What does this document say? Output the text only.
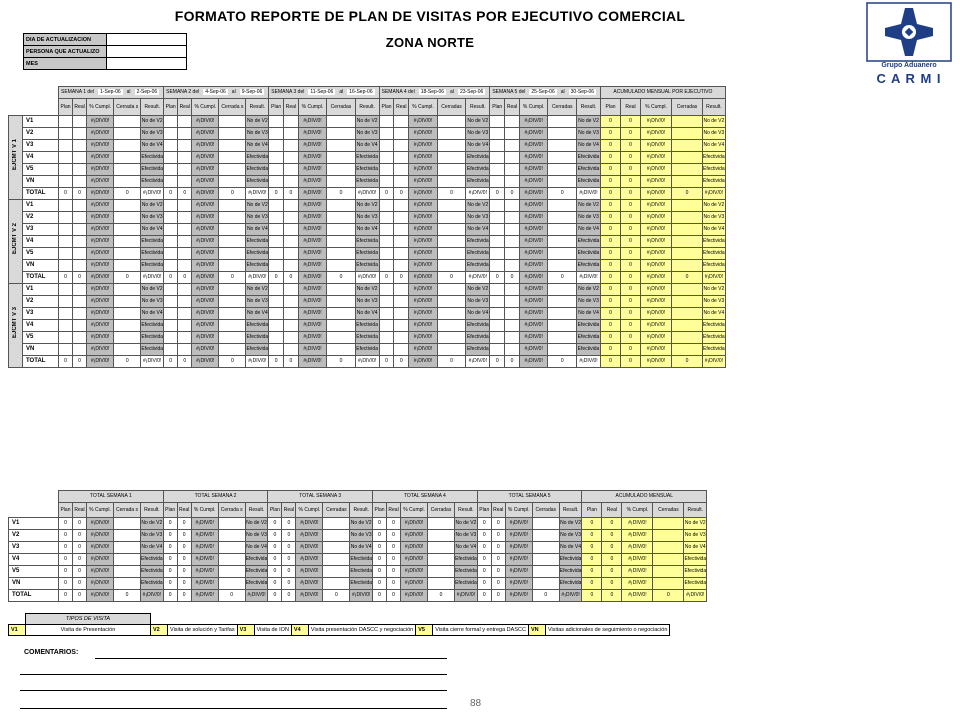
FORMATO REPORTE DE PLAN DE VISITAS POR EJECUTIVO COMERCIAL
ZONA NORTE
DIA DE ACTUALIZACION	
PERSONA QUE ACTUALIZO	
MES		Grupo Aduanero
C A R M I
		SEMANA 1 del 1-Sep-06 al 2-Sep-06					SEMANA 2 del 4-Sep-06 al 9-Sep-06					SEMANA 3 del 11-Sep-06 al 16-Sep-06					SEMANA 4 del 18-Sep-06 al 23-Sep-06					SEMANA 5 del 25-Sep-06 al 30-Sep-06					ACUMULADO MENSUAL POR EJECUTIVO				
		Plan	Real	% Cumpl.	Cerrada s	Result.	Plan	Real	% Cumpl.	Cerrada s	Result.	Plan	Real	% Cumpl.	Cerradas	Result.	Plan	Real	% Cumpl.	Cerradas	Result.	Plan	Real	% Cumpl.	Cerradas	Result.	Plan	Real	% Cumpl.	Cerradas	Result.
EJCMT V 1	V1			#¡DIV/0!		No de V2			#¡DIV/0!		No de V2			#¡DIV/0!		No de V2			#¡DIV/0!		No de V2			#¡DIV/0!		No de V2	0	0	#¡DIV/0!		No de V2
	V2			#¡DIV/0!		No de V3			#¡DIV/0!		No de V3			#¡DIV/0!		No de V3			#¡DIV/0!		No de V3			#¡DIV/0!		No de V3	0	0	#¡DIV/0!		No de V3
	V3			#¡DIV/0!		No de V4			#¡DIV/0!		No de V4			#¡DIV/0!		No de V4			#¡DIV/0!		No de V4			#¡DIV/0!		No de V4	0	0	#¡DIV/0!		No de V4
	V4			#¡DIV/0!		Efectivida			#¡DIV/0!		Efectivida			#¡DIV/0!		Efectivida			#¡DIV/0!		Efectivida			#¡DIV/0!		Efectivida	0	0	#¡DIV/0!		Efectivida
	V5			#¡DIV/0!		Efectivida			#¡DIV/0!		Efectivida			#¡DIV/0!		Efectivida			#¡DIV/0!		Efectivida			#¡DIV/0!		Efectivida	0	0	#¡DIV/0!		Efectivida
	VN			#¡DIV/0!		Efectivida			#¡DIV/0!		Efectivida			#¡DIV/0!		Efectivida			#¡DIV/0!		Efectivida			#¡DIV/0!		Efectivida	0	0	#¡DIV/0!		Efectivida
	TOTAL	0	0	#¡DIV/0!	0	#¡DIV/0!	0	0	#¡DIV/0!	0	#¡DIV/0!	0	0	#¡DIV/0!	0	#¡DIV/0!	0	0	#¡DIV/0!	0	#¡DIV/0!	0	0	#¡DIV/0!	0	#¡DIV/0!	0	0	#¡DIV/0!	0	#¡DIV/0!
EJCMT V 2	V1			#¡DIV/0!		No de V2			#¡DIV/0!		No de V2			#¡DIV/0!		No de V2			#¡DIV/0!		No de V2			#¡DIV/0!		No de V2	0	0	#¡DIV/0!		No de V2
	V2			#¡DIV/0!		No de V3			#¡DIV/0!		No de V3			#¡DIV/0!		No de V3			#¡DIV/0!		No de V3			#¡DIV/0!		No de V3	0	0	#¡DIV/0!		No de V3
	V3			#¡DIV/0!		No de V4			#¡DIV/0!		No de V4			#¡DIV/0!		No de V4			#¡DIV/0!		No de V4			#¡DIV/0!		No de V4	0	0	#¡DIV/0!		No de V4
	V4			#¡DIV/0!		Efectivida			#¡DIV/0!		Efectivida			#¡DIV/0!		Efectivida			#¡DIV/0!		Efectivida			#¡DIV/0!		Efectivida	0	0	#¡DIV/0!		Efectivida
	V5			#¡DIV/0!		Efectivida			#¡DIV/0!		Efectivida			#¡DIV/0!		Efectivida			#¡DIV/0!		Efectivida			#¡DIV/0!		Efectivida	0	0	#¡DIV/0!		Efectivida
	VN			#¡DIV/0!		Efectivida			#¡DIV/0!		Efectivida			#¡DIV/0!		Efectivida			#¡DIV/0!		Efectivida			#¡DIV/0!		Efectivida	0	0	#¡DIV/0!		Efectivida
	TOTAL	0	0	#¡DIV/0!	0	#¡DIV/0!	0	0	#¡DIV/0!	0	#¡DIV/0!	0	0	#¡DIV/0!	0	#¡DIV/0!	0	0	#¡DIV/0!	0	#¡DIV/0!	0	0	#¡DIV/0!	0	#¡DIV/0!	0	0	#¡DIV/0!	0	#¡DIV/0!
EJCMT V 3	V1			#¡DIV/0!		No de V2			#¡DIV/0!		No de V2			#¡DIV/0!		No de V2			#¡DIV/0!		No de V2			#¡DIV/0!		No de V2	0	0	#¡DIV/0!		No de V2
	V2			#¡DIV/0!		No de V3			#¡DIV/0!		No de V3			#¡DIV/0!		No de V3			#¡DIV/0!		No de V3			#¡DIV/0!		No de V3	0	0	#¡DIV/0!		No de V3
	V3			#¡DIV/0!		No de V4			#¡DIV/0!		No de V4			#¡DIV/0!		No de V4			#¡DIV/0!		No de V4			#¡DIV/0!		No de V4	0	0	#¡DIV/0!		No de V4
	V4			#¡DIV/0!		Efectivida			#¡DIV/0!		Efectivida			#¡DIV/0!		Efectivida			#¡DIV/0!		Efectivida			#¡DIV/0!		Efectivida	0	0	#¡DIV/0!		Efectivida
	V5			#¡DIV/0!		Efectivida			#¡DIV/0!		Efectivida			#¡DIV/0!		Efectivida			#¡DIV/0!		Efectivida			#¡DIV/0!		Efectivida	0	0	#¡DIV/0!		Efectivida
	VN			#¡DIV/0!		Efectivida			#¡DIV/0!		Efectivida			#¡DIV/0!		Efectivida			#¡DIV/0!		Efectivida			#¡DIV/0!		Efectivida	0	0	#¡DIV/0!		Efectivida
	TOTAL	0	0	#¡DIV/0!	0	#¡DIV/0!	0	0	#¡DIV/0!	0	#¡DIV/0!	0	0	#¡DIV/0!	0	#¡DIV/0!	0	0	#¡DIV/0!	0	#¡DIV/0!	0	0	#¡DIV/0!	0	#¡DIV/0!	0	0	#¡DIV/0!	0	#¡DIV/0!
	TOTAL SEMANA 1					TOTAL SEMANA 2					TOTAL SEMANA 3					TOTAL SEMANA 4					TOTAL SEMANA 5					ACUMULADO MENSUAL				
	Plan	Real	% Cumpl.	Cerrada s	Result.	Plan	Real	% Cumpl.	Cerrada s	Result.	Plan	Real	% Cumpl.	Cerradas	Result.	Plan	Real	% Cumpl.	Cerradas	Result.	Plan	Real	% Cumpl.	Cerradas	Result.	Plan	Real	% Cumpl.	Cerradas	Result.
V1	0	0	#¡DIV/0!		No de V2	0	0	#¡DIV/0!		No de V2	0	0	#¡DIV/0!		No de V2	0	0	#¡DIV/0!		No de V2	0	0	#¡DIV/0!		No de V2	0	0	#¡DIV/0!		No de V2
V2	0	0	#¡DIV/0!		No de V3	0	0	#¡DIV/0!		No de V3	0	0	#¡DIV/0!		No de V3	0	0	#¡DIV/0!		No de V3	0	0	#¡DIV/0!		No de V3	0	0	#¡DIV/0!		No de V3
V3	0	0	#¡DIV/0!		No de V4	0	0	#¡DIV/0!		No de V4	0	0	#¡DIV/0!		No de V4	0	0	#¡DIV/0!		No de V4	0	0	#¡DIV/0!		No de V4	0	0	#¡DIV/0!		No de V4
V4	0	0	#¡DIV/0!		Efectivida	0	0	#¡DIV/0!		Efectivida	0	0	#¡DIV/0!		Efectivida	0	0	#¡DIV/0!		Efectivida	0	0	#¡DIV/0!		Efectivida	0	0	#¡DIV/0!		Efectivida
V5	0	0	#¡DIV/0!		Efectivida	0	0	#¡DIV/0!		Efectivida	0	0	#¡DIV/0!		Efectivida	0	0	#¡DIV/0!		Efectivida	0	0	#¡DIV/0!		Efectivida	0	0	#¡DIV/0!		Efectivida
VN	0	0	#¡DIV/0!		Efectivida	0	0	#¡DIV/0!		Efectivida	0	0	#¡DIV/0!		Efectivida	0	0	#¡DIV/0!		Efectivida	0	0	#¡DIV/0!		Efectivida	0	0	#¡DIV/0!		Efectivida
TOTAL	0	0	#¡DIV/0!	0	#¡DIV/0!	0	0	#¡DIV/0!	0	#¡DIV/0!	0	0	#¡DIV/0!	0	#¡DIV/0!	0	0	#¡DIV/0!	0	#¡DIV/0!	0	0	#¡DIV/0!	0	#¡DIV/0!	0	0	#¡DIV/0!	0	#¡DIV/0!
	TIPOS DE VISITA										
V1	Visita de Presentación	V2	Visita de solución y Tarifas	V3	Visita de ION	V4	Visita presentación DASCC y negociación	V5	Visita cierre formal y entrega DASCC	VN	Visitas adicionales de seguimiento o negociación
COMENTARIOS:
88
